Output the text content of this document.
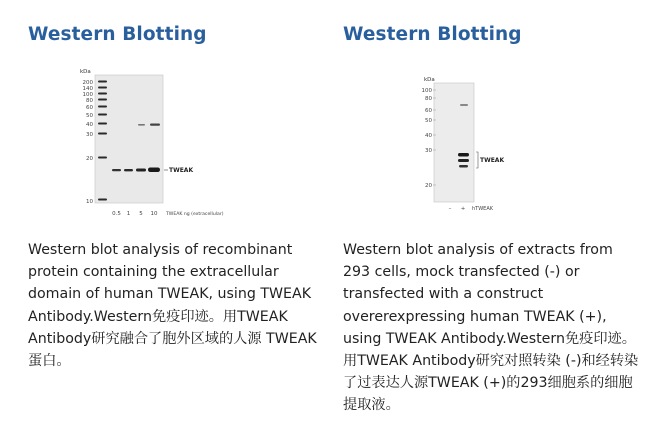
Western Blotting
kDa
200
140
100
80
60
50
40
30
20
10
TWEAK
0.5 1 5 10 TWEAK ng (extracellular)
Western blot analysis of recombinant protein containing the extracellular domain of human TWEAK, using TWEAK Antibody.Western免疫印迹。用TWEAK Antibody研究融合了胞外区域的人源 TWEAK蛋白。
Western Blotting
kDa
100
80
60
50
40
30
20
TWEAK
– + hTWEAK
Western blot analysis of extracts from 293 cells, mock transfected (-) or transfected with a construct overerexpressing human TWEAK (+), using TWEAK Antibody.Western免疫印迹。用TWEAK Antibody研究对照转染 (-)和经转染了过表达人源TWEAK (+)的293细胞系的细胞提取液。
